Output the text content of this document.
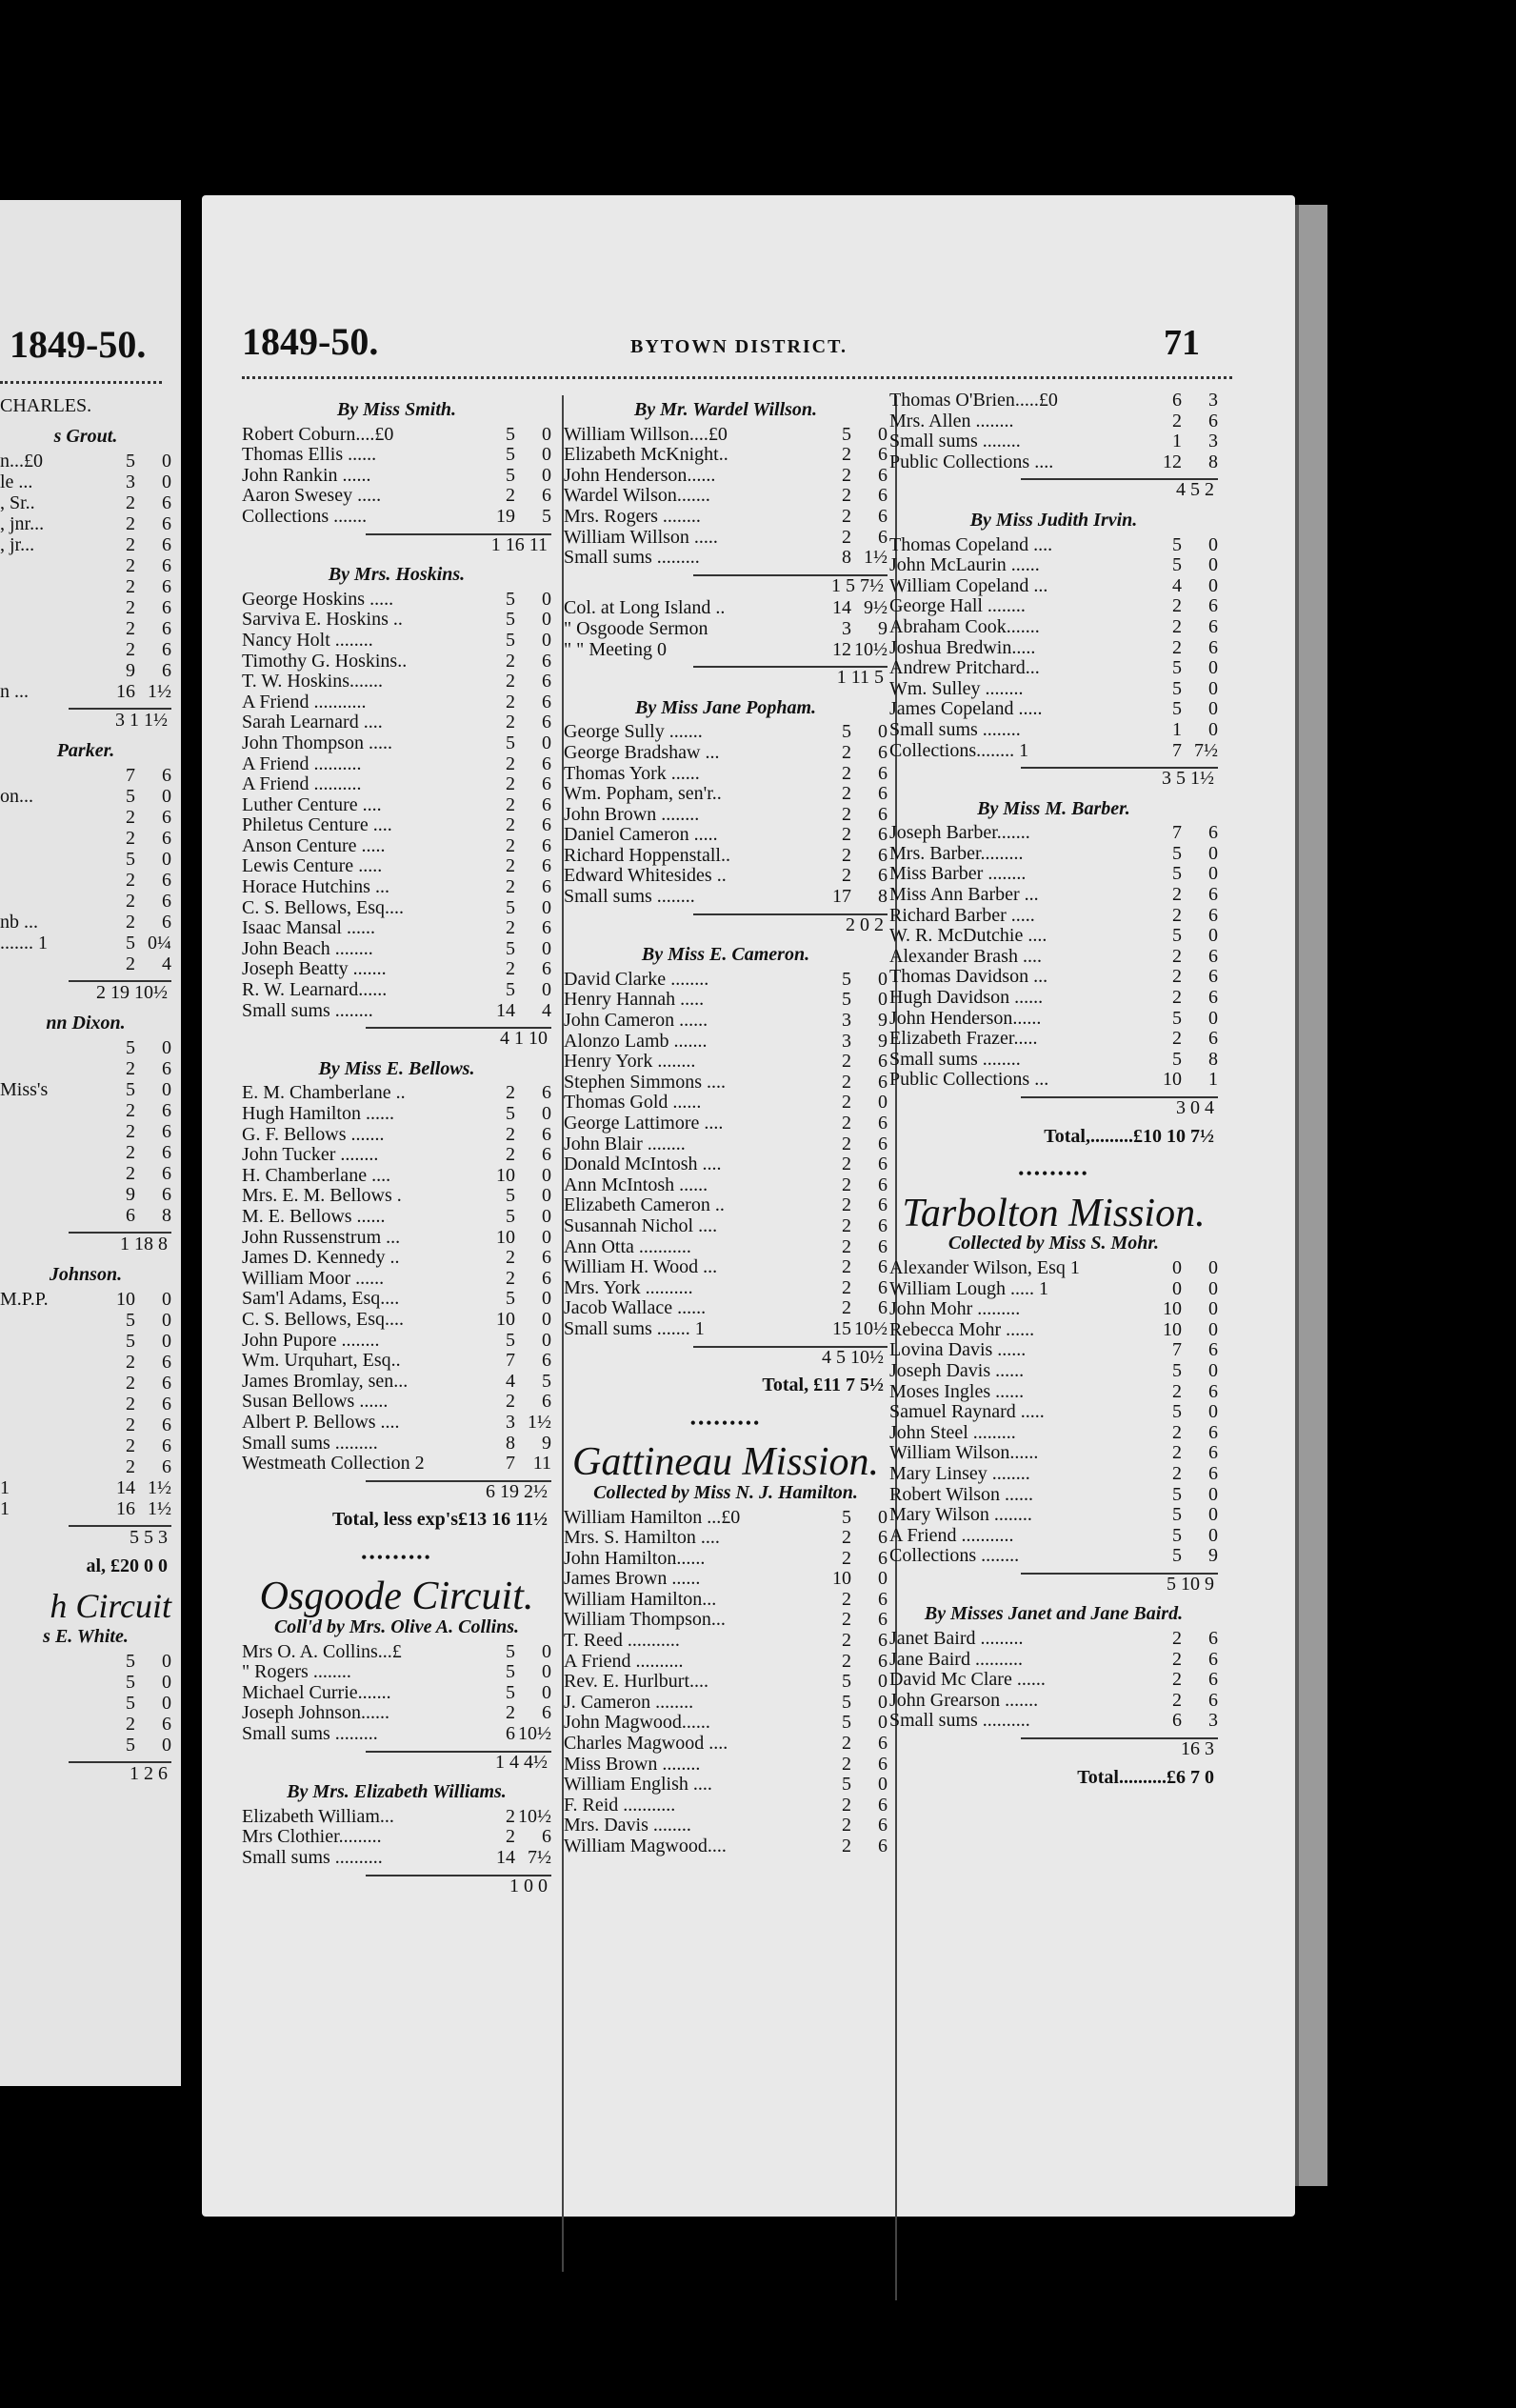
1849-50.
CHARLES.
s Grout.
n...£0	5	0
le ...	3	0
, Sr..	2	6
, jnr...	2	6
, jr...	2	6
2	6
2	6
2	6
2	6
2	6
9	6
n ...	16 1½
3 1 1½
Parker.
7	6
on...	5	0
2	6
2	6
5	0
2	6
2	6
nb ...	2	6
....... 1	5 0¼
2	4
2 19 10½
nn Dixon.
5	0
2	6
Miss's	5	0
2	6
2	6
2	6
2	6
9	6
6	8
1 18 8
Johnson.
M.P.P.	10	0
5	0
5	0
2	6
2	6
2	6
2	6
2	6
2	6
1	14 1½
1	16 1½
5 5 3
al, £20 0 0
h Circuit
s E. White.
5	0
5	0
5	0
2	6
5	0
1 2 6
1849-50.	BYTOWN DISTRICT.	71
By Miss Smith.
Robert Coburn....£0	5	0
Thomas Ellis ......	5	0
John Rankin ......	5	0
Aaron Swesey .....	2	6
Collections .......	19	5
1 16 11
By Mrs. Hoskins.
George Hoskins .....	5	0
Sarviva E. Hoskins ..	5	0
Nancy Holt ........	5	0
Timothy G. Hoskins..	2	6
T. W. Hoskins.......	2	6
A Friend ...........	2	6
Sarah Learnard ....	2	6
John Thompson .....	5	0
A Friend ..........	2	6
A Friend ..........	2	6
Luther Centure ....	2	6
Philetus Centure ....	2	6
Anson Centure .....	2	6
Lewis Centure .....	2	6
Horace Hutchins ...	2	6
C. S. Bellows, Esq....	5	0
Isaac Mansal ......	2	6
John Beach ........	5	0
Joseph Beatty .......	2	6
R. W. Learnard......	5	0
Small sums ........	14	4
4 1 10
By Miss E. Bellows.
E. M. Chamberlane ..	2	6
Hugh Hamilton ......	5	0
G. F. Bellows .......	2	6
John Tucker ........	2	6
H. Chamberlane ....	10	0
Mrs. E. M. Bellows .	5	0
M. E. Bellows ......	5	0
John Russenstrum ...	10	0
James D. Kennedy ..	2	6
William Moor ......	2	6
Sam'l Adams, Esq....	5	0
C. S. Bellows, Esq....	10	0
John Pupore ........	5	0
Wm. Urquhart, Esq..	7	6
James Bromlay, sen...	4	5
Susan Bellows ......	2	6
Albert P. Bellows ....	3 1½
Small sums .........	8	9
Westmeath Collection 2	7 11
6 19 2½
Total, less exp's£13 16 11½
•••••••••
Osgoode Circuit.
Coll'd by Mrs. Olive A. Collins.
Mrs O. A. Collins...£	5	0
" Rogers ........	5	0
Michael Currie.......	5	0
Joseph Johnson......	2	6
Small sums .........	6 10½
1 4 4½
By Mrs. Elizabeth Williams.
Elizabeth William...	2 10½
Mrs Clothier.........	2	6
Small sums ..........	14 7½
1 0 0
By Mr. Wardel Willson.
William Willson....£0	5	0
Elizabeth McKnight..	2	6
John Henderson......	2	6
Wardel Wilson.......	2	6
Mrs. Rogers ........	2	6
William Willson .....	2	6
Small sums .........	8 1½
1 5 7½
Col. at Long Island ..	14 9½
" Osgoode Sermon	3	9
" " Meeting 0	12 10½
1 11 5
By Miss Jane Popham.
George Sully .......	5	0
George Bradshaw ...	2	6
Thomas York ......	2	6
Wm. Popham, sen'r..	2	6
John Brown ........	2	6
Daniel Cameron .....	2	6
Richard Hoppenstall..	2	6
Edward Whitesides ..	2	6
Small sums ........	17	8
2 0 2
By Miss E. Cameron.
David Clarke ........	5	0
Henry Hannah .....	5	0
John Cameron ......	3	9
Alonzo Lamb .......	3	9
Henry York ........	2	6
Stephen Simmons ....	2	6
Thomas Gold ......	2	0
George Lattimore ....	2	6
John Blair ........	2	6
Donald McIntosh ....	2	6
Ann McIntosh ......	2	6
Elizabeth Cameron ..	2	6
Susannah Nichol ....	2	6
Ann Otta ...........	2	6
William H. Wood ...	2	6
Mrs. York ..........	2	6
Jacob Wallace ......	2	6
Small sums ....... 1	15 10½
4 5 10½
Total, £11 7 5½
•••••••••
Gattineau Mission.
Collected by Miss N. J. Hamilton.
William Hamilton ...£0	5	0
Mrs. S. Hamilton ....	2	6
John Hamilton......	2	6
James Brown ......	10	0
William Hamilton...	2	6
William Thompson...	2	6
T. Reed ...........	2	6
A Friend ..........	2	6
Rev. E. Hurlburt....	5	0
J. Cameron ........	5	0
John Magwood......	5	0
Charles Magwood ....	2	6
Miss Brown ........	2	6
William English ....	5	0
F. Reid ...........	2	6
Mrs. Davis ........	2	6
William Magwood....	2	6
Thomas O'Brien.....£0	6	3
Mrs. Allen ........	2	6
Small sums ........	1	3
Public Collections ....	12	8
4 5 2
By Miss Judith Irvin.
Thomas Copeland ....	5	0
John McLaurin ......	5	0
William Copeland ...	4	0
George Hall ........	2	6
Abraham Cook.......	2	6
Joshua Bredwin.....	2	6
Andrew Pritchard...	5	0
Wm. Sulley ........	5	0
James Copeland .....	5	0
Small sums ........	1	0
Collections........ 1	7 7½
3 5 1½
By Miss M. Barber.
Joseph Barber.......	7	6
Mrs. Barber.........	5	0
Miss Barber ........	5	0
Miss Ann Barber ...	2	6
Richard Barber .....	2	6
W. R. McDutchie ....	5	0
Alexander Brash ....	2	6
Thomas Davidson ...	2	6
Hugh Davidson ......	2	6
John Henderson......	5	0
Elizabeth Frazer.....	2	6
Small sums ........	5	8
Public Collections ...	10	1
3 0 4
Total,.........£10 10 7½
•••••••••
Tarbolton Mission.
Collected by Miss S. Mohr.
Alexander Wilson, Esq 1	0	0
William Lough ..... 1	0	0
John Mohr .........	10	0
Rebecca Mohr ......	10	0
Lovina Davis ......	7	6
Joseph Davis ......	5	0
Moses Ingles ......	2	6
Samuel Raynard .....	5	0
John Steel .........	2	6
William Wilson......	2	6
Mary Linsey ........	2	6
Robert Wilson ......	5	0
Mary Wilson ........	5	0
A Friend ...........	5	0
Collections ........	5	9
5 10 9
By Misses Janet and Jane Baird.
Janet Baird .........	2	6
Jane Baird ..........	2	6
David Mc Clare ......	2	6
John Grearson .......	2	6
Small sums ..........	6	3
16 3
Total..........£6 7 0
